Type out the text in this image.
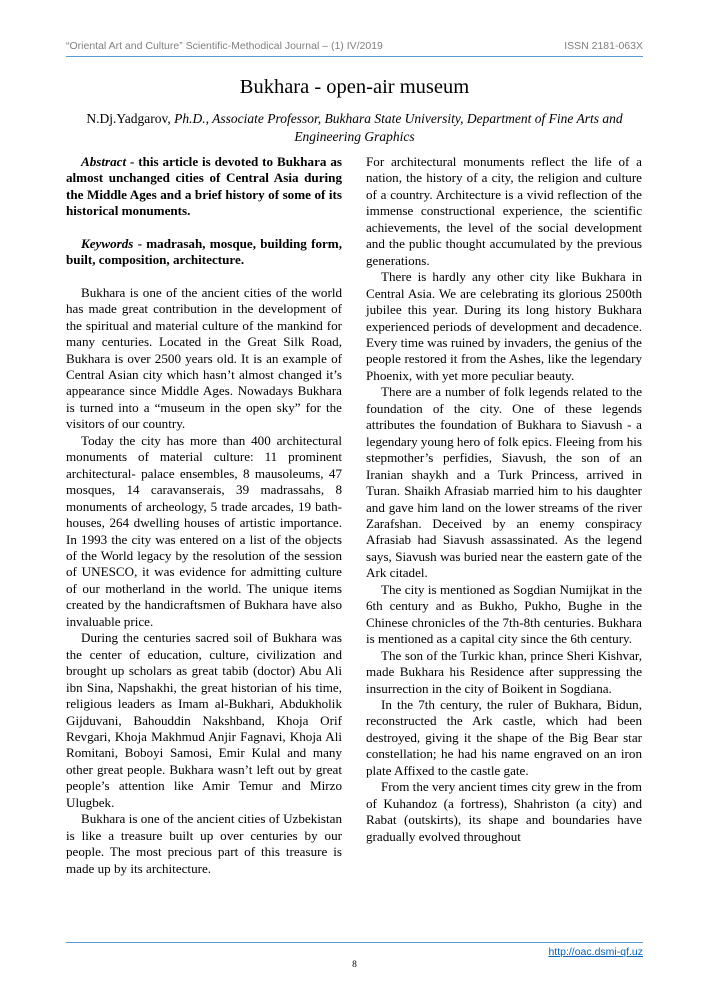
“Oriental Art and Culture” Scientific-Methodical Journal – (1) IV/2019	ISSN 2181-063X
Bukhara - open-air museum
N.Dj.Yadgarov, Ph.D., Associate Professor, Bukhara State University, Department of Fine Arts and Engineering Graphics

Abstract - this article is devoted to Bukhara as almost unchanged cities of Central Asia during the Middle Ages and a brief history of some of its historical monuments.

Keywords - madrasah, mosque, building form, built, composition, architecture.

Bukhara is one of the ancient cities of the world has made great contribution in the development of the spiritual and material culture of the mankind for many centuries. Located in the Great Silk Road, Bukhara is over 2500 years old. It is an example of Central Asian city which hasn’t almost changed it’s appearance since Middle Ages. Nowadays Bukhara is turned into a “museum in the open sky” for the visitors of our country.

Today the city has more than 400 architectural monuments of material culture: 11 prominent architectural- palace ensembles, 8 mausoleums, 47 mosques, 14 caravanserais, 39 madrassahs, 8 monuments of archeology, 5 trade arcades, 19 bath- houses, 264 dwelling houses of artistic importance. In 1993 the city was entered on a list of the objects of the World legacy by the resolution of the session of UNESCO, it was evidence for admitting culture of our motherland in the world. The unique items created by the handicraftsmen of Bukhara have also invaluable price.

During the centuries sacred soil of Bukhara was the center of education, culture, civilization and brought up scholars as great tabib (doctor) Abu Ali ibn Sina, Napshakhi, the great historian of his time, religious leaders as Imam al-Bukhari, Abdukholik Gijduvani, Bahouddin Nakshband, Khoja Orif Revgari, Khoja Makhmud Anjir Fagnavi, Khoja Ali Romitani, Boboyi Samosi, Emir Kulal and many other great people. Bukhara wasn’t left out by great people’s attention like Amir Temur and Mirzo Ulugbek.

Bukhara is one of the ancient cities of Uzbekistan is like a treasure built up over centuries by our people. The most precious part of this treasure is made up by its architecture.

For architectural monuments reflect the life of a nation, the history of a city, the religion and culture of a country. Architecture is a vivid reflection of the immense constructional experience, the scientific achievements, the level of the social development and the public thought accumulated by the previous generations.

There is hardly any other city like Bukhara in Central Asia. We are celebrating its glorious 2500th jubilee this year. During its long history Bukhara experienced periods of development and decadence. Every time was ruined by invaders, the genius of the people restored it from the Ashes, like the legendary Phoenix, with yet more peculiar beauty.

There are a number of folk legends related to the foundation of the city. One of these legends attributes the foundation of Bukhara to Siavush - a legendary young hero of folk epics. Fleeing from his stepmother’s perfidies, Siavush, the son of an Iranian shaykh and a Turk Princess, arrived in Turan. Shaikh Afrasiab married him to his daughter and gave him land on the lower streams of the river Zarafshan. Deceived by an enemy conspiracy Afrasiab had Siavush assassinated. As the legend says, Siavush was buried near the eastern gate of the Ark citadel.

The city is mentioned as Sogdian Numijkat in the 6th century and as Bukho, Pukho, Bughe in the Chinese chronicles of the 7th-8th centuries. Bukhara is mentioned as a capital city since the 6th century.

The son of the Turkic khan, prince Sheri Kishvar, made Bukhara his Residence after suppressing the insurrection in the city of Boikent in Sogdiana.

In the 7th century, the ruler of Bukhara, Bidun, reconstructed the Ark castle, which had been destroyed, giving it the shape of the Big Bear star constellation; he had his name engraved on an iron plate Affixed to the castle gate.

From the very ancient times city grew in the from of Kuhandoz (a fortress), Shahriston (a city) and Rabat (outskirts), its shape and boundaries have gradually evolved throughout

http://oac.dsmi-qf.uz
8
